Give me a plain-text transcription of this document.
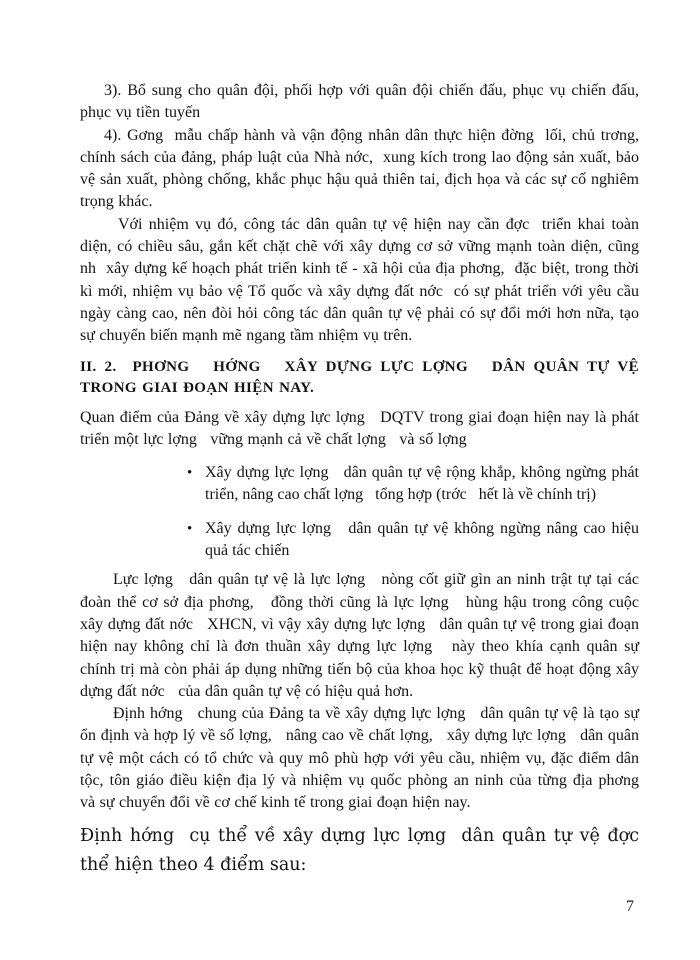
3). Bổ sung cho quân đội, phối hợp với quân đội chiến đấu, phục vụ chiến đấu, phục vụ tiền tuyến

4). Gơng  mẫu chấp hành và vận động nhân dân thực hiện đờng  lối, chủ trơng,  chính sách của đảng, pháp luật của Nhà nớc,  xung kích trong lao động sản xuất, bảo vệ sản xuất, phòng chống, khắc phục hậu quả thiên tai, địch họa và các sự cố nghiêm trọng khác.

Với nhiệm vụ đó, công tác dân quân tự vệ hiện nay cần đợc  triển khai toàn diện, có chiều sâu, gắn kết chặt chẽ với xây dựng cơ sở vững mạnh toàn diện, cũng nh  xây dựng kế hoạch phát triển kinh tế - xã hội của địa phơng,  đặc biệt, trong thời kì mới, nhiệm vụ bảo vệ Tổ quốc và xây dựng đất nớc  có sự phát triển với yêu cầu ngày càng cao, nên đòi hỏi công tác dân quân tự vệ phải có sự đổi mới hơn nữa, tạo sự chuyển biến mạnh mẽ ngang tầm nhiệm vụ trên.

II. 2.  PHƠNG   HỚNG   XÂY DỰNG LỰC LỢNG   DÂN QUÂN TỰ VỆ TRONG GIAI ĐOẠN HIỆN NAY.

Quan điểm của Đảng về xây dựng lực lợng   DQTV trong giai đoạn hiện nay là phát triển một lực lợng   vững mạnh cả về chất lợng   và số lợng

• Xây dựng lực lợng   dân quân tự vệ rộng khắp, không ngừng phát triển, nâng cao chất lợng   tổng hợp (trớc   hết là về chính trị)
• Xây dựng lực lợng   dân quân tự vệ không ngừng nâng cao hiệu quả tác chiến

Lực lợng   dân quân tự vệ là lực lợng   nòng cốt giữ gìn an ninh trật tự tại các đoàn thể cơ sở địa phơng,   đồng thời cũng là lực lợng   hùng hậu trong công cuộc xây dựng đất nớc   XHCN, vì vậy xây dựng lực lợng   dân quân tự vệ trong giai đoạn hiện nay không chỉ là đơn thuần xây dựng lực lợng   này theo khía cạnh quân sự chính trị mà còn phải áp dụng những tiến bộ của khoa học kỹ thuật để hoạt động xây dựng đất nớc   của dân quân tự vệ có hiệu quả hơn.

Định hớng   chung của Đảng ta về xây dựng lực lợng   dân quân tự vệ là tạo sự ổn định và hợp lý về số lợng,   nâng cao về chất lợng,   xây dựng lực lợng   dân quân tự vệ một cách có tổ chức và quy mô phù hợp với yêu cầu, nhiệm vụ, đặc điểm dân tộc, tôn giáo điều kiện địa lý và nhiệm vụ quốc phòng an ninh của từng địa phơng   và sự chuyển đổi về cơ chế kinh tế trong giai đoạn hiện nay.

Định hớng  cụ thể về xây dựng lực lợng  dân quân tự vệ đợc  thể hiện theo 4 điểm sau:

7
